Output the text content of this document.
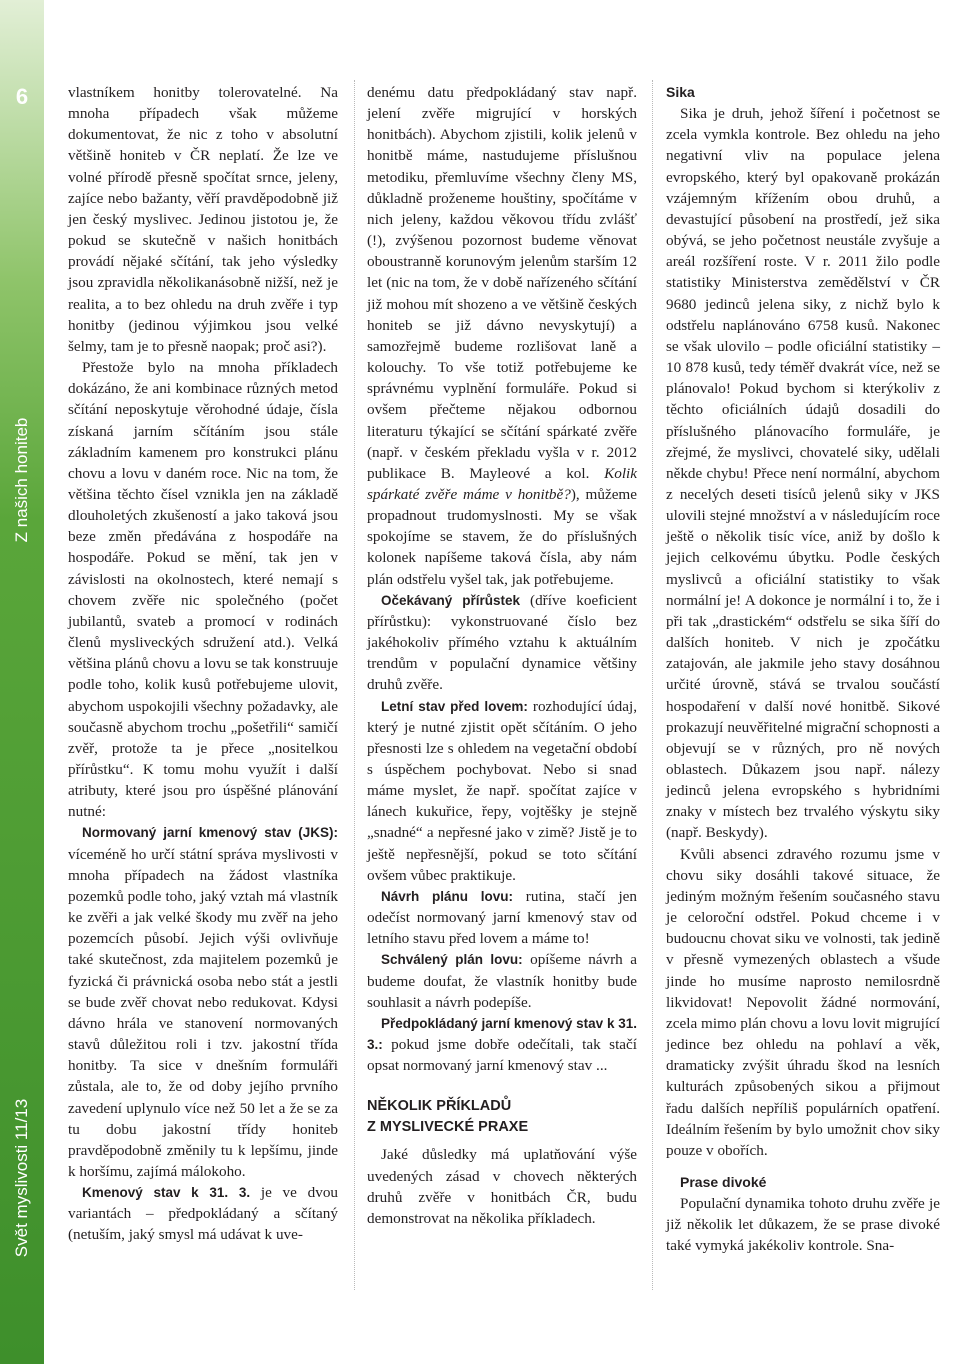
6
Z našich honiteb
Svět myslivosti 11/13

vlastníkem honitby tolerovatelné. Na mnoha případech však můžeme dokumentovat, že nic z toho v absolutní většině honiteb v ČR neplatí. Že lze ve volné přírodě přesně spočítat srnce, jeleny, zajíce nebo bažanty, věří pravděpodobně již jen český myslivec. Jedinou jistotou je, že pokud se skutečně v našich honitbách provádí nějaké sčítání, tak jeho výsledky jsou zpravidla několikanásobně nižší, než je realita, a to bez ohledu na druh zvěře i typ honitby (jedinou výjimkou jsou velké šelmy, tam je to přesně naopak; proč asi?).

Přestože bylo na mnoha příkladech dokázáno, že ani kombinace různých metod sčítání neposkytuje věrohodné údaje, čísla získaná jarním sčítáním jsou stále základním kamenem pro konstrukci plánu chovu a lovu v daném roce. Nic na tom, že většina těchto čísel vznikla jen na základě dlouholetých zkušeností a jako taková jsou beze změn předávána z hospodáře na hospodáře. Pokud se mění, tak jen v závislosti na okolnostech, které nemají s chovem zvěře nic společného (počet jubilantů, svateb a promocí v rodinách členů mysliveckých sdružení atd.). Velká většina plánů chovu a lovu se tak konstruuje podle toho, kolik kusů potřebujeme ulovit, abychom uspokojili všechny požadavky, ale současně abychom trochu „pošetřili“ samičí zvěř, protože ta je přece „nositelkou přírůstku“. K tomu mohu využít i další atributy, které jsou pro úspěšné plánování nutné:

Normovaný jarní kmenový stav (JKS): víceméně ho určí státní správa myslivosti v mnoha případech na žádost vlastníka pozemků podle toho, jaký vztah má vlastník ke zvěři a jak velké škody mu zvěř na jeho pozemcích působí. Jejich výši ovlivňuje také skutečnost, zda majitelem pozemků je fyzická či právnická osoba nebo stát a jestli se bude zvěř chovat nebo redukovat. Kdysi dávno hrála ve stanovení normovaných stavů důležitou roli i tzv. jakostní třída honitby. Ta sice v dnešním formuláři zůstala, ale to, že od doby jejího prvního zavedení uplynulo více než 50 let a že se za tu dobu jakostní třídy honiteb pravděpodobně změnily tu k lepšímu, jinde k horšímu, zajímá málokoho.

Kmenový stav k 31. 3. je ve dvou variantách – předpokládaný a sčítaný (netuším, jaký smysl má udávat k uve-

denému datu předpokládaný stav např. jelení zvěře migrující v horských honitbách). Abychom zjistili, kolik jelenů v honitbě máme, nastudujeme příslušnou metodiku, přemluvíme všechny členy MS, důkladně proženeme houštiny, spočítáme v nich jeleny, každou věkovou třídu zvlášť (!), zvýšenou pozornost budeme věnovat oboustranně korunovým jelenům starším 12 let (nic na tom, že v době nařízeného sčítání již mohou mít shozeno a ve většině českých honiteb se již dávno nevyskytují) a samozřejmě budeme rozlišovat laně a kolouchy. To vše totiž potřebujeme ke správnému vyplnění formuláře. Pokud si ovšem přečteme nějakou odbornou literaturu týkající se sčítání spárkaté zvěře (např. v českém překladu vyšla v r. 2012 publikace B. Mayleové a kol. Kolik spárkaté zvěře máme v honitbě?), můžeme propadnout trudomyslnosti. My se však spokojíme se stavem, že do příslušných kolonek napíšeme taková čísla, aby nám plán odstřelu vyšel tak, jak potřebujeme.

Očekávaný přírůstek (dříve koeficient přírůstku): vykonstruované číslo bez jakéhokoliv přímého vztahu k aktuálním trendům v populační dynamice většiny druhů zvěře.

Letní stav před lovem: rozhodující údaj, který je nutné zjistit opět sčítáním. O jeho přesnosti lze s ohledem na vegetační období s úspěchem pochybovat. Nebo si snad máme myslet, že např. spočítat zajíce v lánech kukuřice, řepy, vojtěšky je stejně „snadné“ a nepřesné jako v zimě? Jistě je to ještě nepřesnější, pokud se toto sčítání ovšem vůbec praktikuje.

Návrh plánu lovu: rutina, stačí jen odečíst normovaný jarní kmenový stav od letního stavu před lovem a máme to!

Schválený plán lovu: opíšeme návrh a budeme doufat, že vlastník honitby bude souhlasit a návrh podepíše.

Předpokládaný jarní kmenový stav k 31. 3.: pokud jsme dobře odečítali, tak stačí opsat normovaný jarní kmenový stav ...

NĚKOLIK PŘÍKLADŮ
Z MYSLIVECKÉ PRAXE

Jaké důsledky má uplatňování výše uvedených zásad v chovech některých druhů zvěře v honitbách ČR, budu demonstrovat na několika příkladech.

Sika

Sika je druh, jehož šíření i početnost se zcela vymkla kontrole. Bez ohledu na jeho negativní vliv na populace jelena evropského, který byl opakovaně prokázán vzájemným křížením obou druhů, a devastující působení na prostředí, jež sika obývá, se jeho početnost neustále zvyšuje a areál rozšíření roste. V r. 2011 žilo podle statistiky Ministerstva zemědělství v ČR 9680 jedinců jelena siky, z nichž bylo k odstřelu naplánováno 6758 kusů. Nakonec se však ulovilo – podle oficiální statistiky – 10 878 kusů, tedy téměř dvakrát více, než se plánovalo! Pokud bychom si kterýkoliv z těchto oficiálních údajů dosadili do příslušného plánovacího formuláře, je zřejmé, že myslivci, chovatelé siky, udělali někde chybu! Přece není normální, abychom z necelých deseti tisíců jelenů siky v JKS ulovili stejné množství a v následujícím roce ještě o několik tisíc více, aniž by došlo k jejich celkovému úbytku. Podle českých myslivců a oficiální statistiky to však normální je! A dokonce je normální i to, že i při tak „drastickém“ odstřelu se sika šíří do dalších honiteb. V nich je zpočátku zatajován, ale jakmile jeho stavy dosáhnou určité úrovně, stává se trvalou součástí hospodaření v další nové honitbě. Sikové prokazují neuvěřitelné migrační schopnosti a objevují se v různých, pro ně nových oblastech. Důkazem jsou např. nálezy jedinců jelena evropského s hybridními znaky v místech bez trvalého výskytu siky (např. Beskydy).

Kvůli absenci zdravého rozumu jsme v chovu siky dosáhli takové situace, že jediným možným řešením současného stavu je celoroční odstřel. Pokud chceme i v budoucnu chovat siku ve volnosti, tak jedině v přesně vymezených oblastech a všude jinde ho musíme naprosto nemilosrdně likvidovat! Nepovolit žádné normování, zcela mimo plán chovu a lovu lovit migrující jedince bez ohledu na pohlaví a věk, dramaticky zvýšit úhradu škod na lesních kulturách způsobených sikou a přijmout řadu dalších nepříliš populárních opatření. Ideálním řešením by bylo umožnit chov siky pouze v obořích.

Prase divoké

Populační dynamika tohoto druhu zvěře je již několik let důkazem, že se prase divoké také vymyká jakékoliv kontrole. Sna-
